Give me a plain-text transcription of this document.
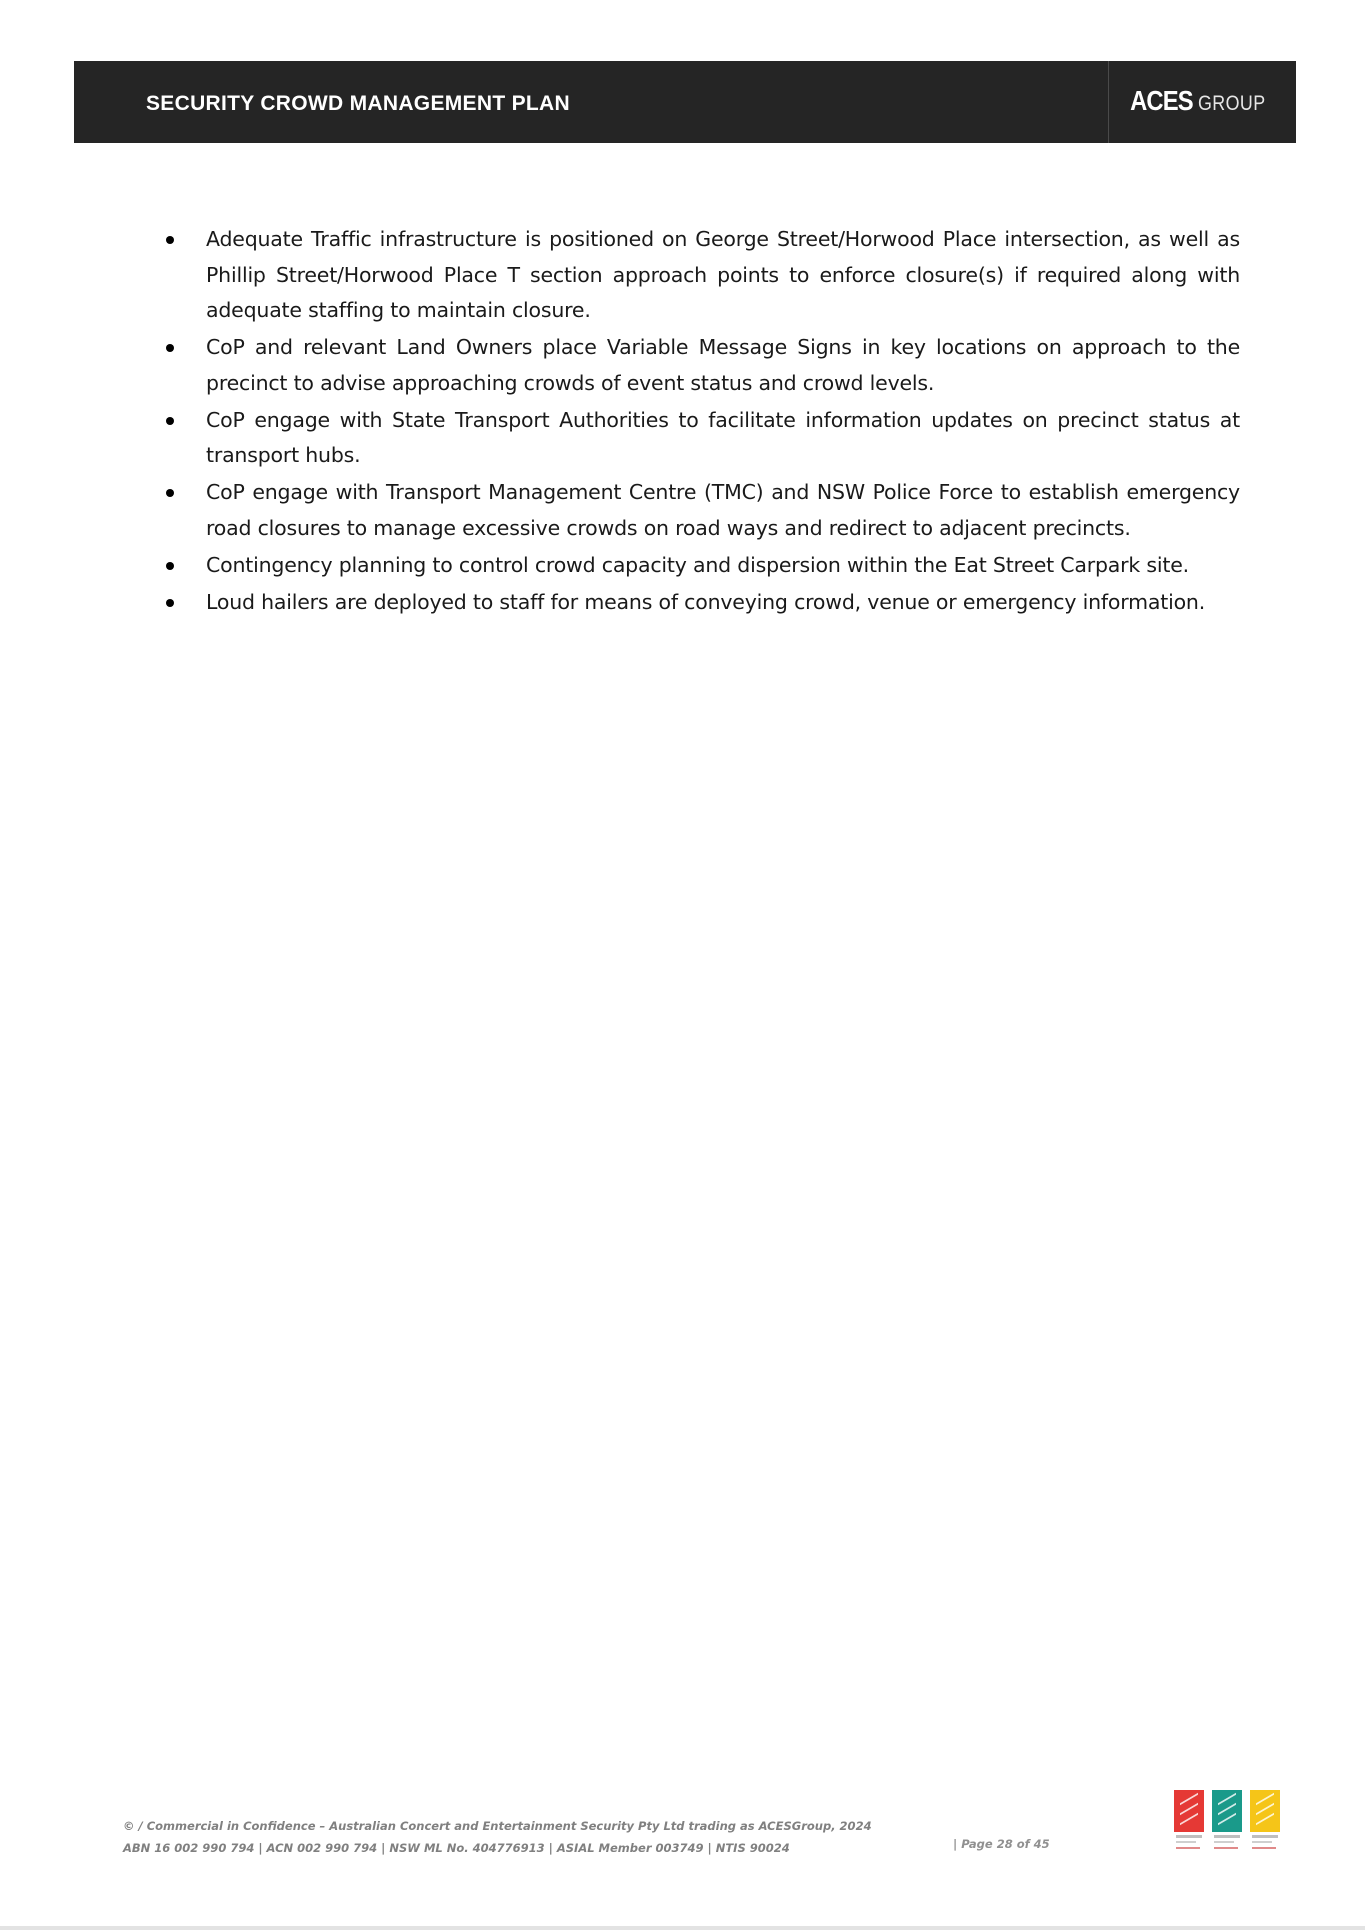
SECURITY CROWD MANAGEMENT PLAN	ACES GROUP
Adequate Traffic infrastructure is positioned on George Street/Horwood Place intersection, as well as Phillip Street/Horwood Place T section approach points to enforce closure(s) if required along with adequate staffing to maintain closure.
CoP and relevant Land Owners place Variable Message Signs in key locations on approach to the precinct to advise approaching crowds of event status and crowd levels.
CoP engage with State Transport Authorities to facilitate information updates on precinct status at transport hubs.
CoP engage with Transport Management Centre (TMC) and NSW Police Force to establish emergency road closures to manage excessive crowds on road ways and redirect to adjacent precincts.
Contingency planning to control crowd capacity and dispersion within the Eat Street Carpark site.
Loud hailers are deployed to staff for means of conveying crowd, venue or emergency information.
© / Commercial in Confidence – Australian Concert and Entertainment Security Pty Ltd trading as ACESGroup, 2024
ABN 16 002 990 794 | ACN 002 990 794 | NSW ML No. 404776913 | ASIAL Member 003749 | NTIS 90024	| Page 28 of 45
